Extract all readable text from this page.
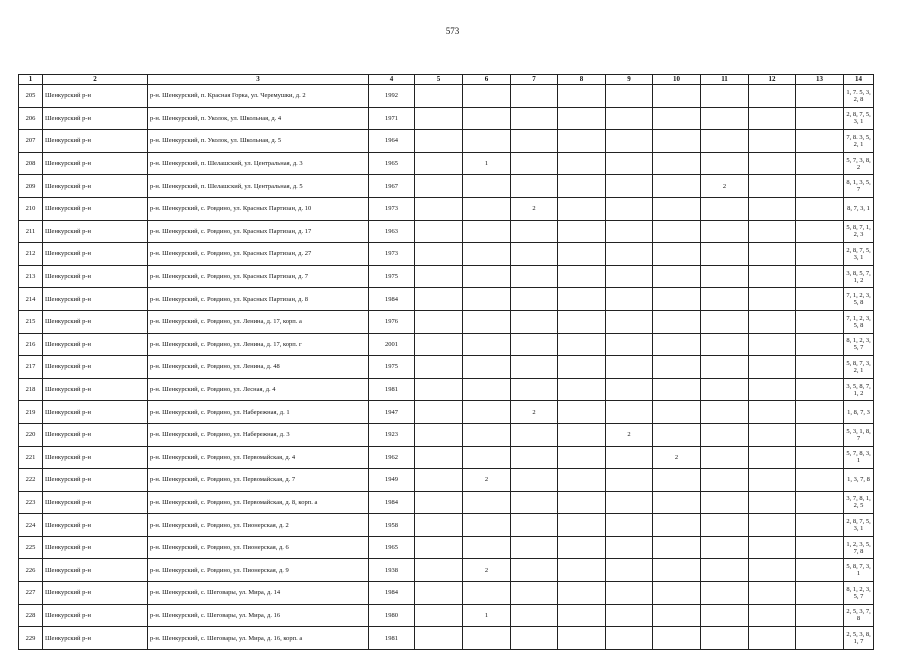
573
1	2	3	4	5	6	7	8	9	10	11	12	13	14
205	Шенкурский р-н	р-н. Шенкурский, п. Красная Горка, ул. Черемушки, д. 2	1992										1, 7. 5, 3, 2, 8
206	Шенкурский р-н	р-н. Шенкурский, п. Уколок, ул. Школьная, д. 4	1971										2, 8, 7, 5, 3, 1
207	Шенкурский р-н	р-н. Шенкурский, п. Уколок, ул. Школьная, д. 5	1964										7, 8. 3, 5, 2, 1
208	Шенкурский р-н	р-н. Шенкурский, п. Шелашский, ул. Центральная, д. 3	1965		1								5, 7, 3, 8, 2
209	Шенкурский р-н	р-н. Шенкурский, п. Шелашский, ул. Центральная, д. 5	1967							2			8, 1, 3, 5, 7
210	Шенкурский р-н	р-н. Шенкурский, с. Ровдино, ул. Красных Партизан, д. 10	1973			2							8, 7, 3, 1
211	Шенкурский р-н	р-н. Шенкурский, с. Ровдино, ул. Красных Партизан, д. 17	1963										5, 8, 7, 1, 2, 3
212	Шенкурский р-н	р-н. Шенкурский, с. Ровдино, ул. Красных Партизан, д. 27	1973										2, 8, 7, 5, 3, 1
213	Шенкурский р-н	р-н. Шенкурский, с. Ровдино, ул. Красных Партизан, д. 7	1975										3, 8, 5, 7, 1, 2
214	Шенкурский р-н	р-н. Шенкурский, с. Ровдино, ул. Красных Партизан, д. 8	1984										7, 1, 2, 3, 5, 8
215	Шенкурский р-н	р-н. Шенкурский, с. Ровдино, ул. Ленина, д. 17, корп. а	1976										7, 1, 2, 3, 5, 8
216	Шенкурский р-н	р-н. Шенкурский, с. Ровдино, ул. Ленина, д. 17, корп. г	2001										8, 1, 2, 3, 5, 7
217	Шенкурский р-н	р-н. Шенкурский, с. Ровдино, ул. Ленина, д. 48	1975										5, 8, 7, 3, 2, 1
218	Шенкурский р-н	р-н. Шенкурский, с. Ровдино, ул. Лесная, д. 4	1981										3, 5, 8, 7, 1, 2
219	Шенкурский р-н	р-н. Шенкурский, с. Ровдино, ул. Набережная, д. 1	1947			2							1, 8, 7, 3
220	Шенкурский р-н	р-н. Шенкурский, с. Ровдино, ул. Набережная, д. 3	1923					2					5, 3, 1, 8, 7
221	Шенкурский р-н	р-н. Шенкурский, с. Ровдино, ул. Первомайская, д. 4	1962						2				5, 7, 8, 3, 1
222	Шенкурский р-н	р-н. Шенкурский, с. Ровдино, ул. Первомайская, д. 7	1949		2								1, 3, 7, 8
223	Шенкурский р-н	р-н. Шенкурский, с. Ровдино, ул. Первомайская, д. 8, корп. а	1984										3, 7, 8, 1, 2, 5
224	Шенкурский р-н	р-н. Шенкурский, с. Ровдино, ул. Пионерская, д. 2	1958										2, 8, 7, 5, 3, 1
225	Шенкурский р-н	р-н. Шенкурский, с. Ровдино, ул. Пионерская, д. 6	1965										1, 2, 3, 5, 7, 8
226	Шенкурский р-н	р-н. Шенкурский, с. Ровдино, ул. Пионерская, д. 9	1938		2								5, 8, 7, 3, 1
227	Шенкурский р-н	р-н. Шенкурский, с. Шеговары, ул. Мира, д. 14	1984										8, 1, 2, 3, 5, 7
228	Шенкурский р-н	р-н. Шенкурский, с. Шеговары, ул. Мира, д. 16	1980		1								2, 5, 3, 7, 8
229	Шенкурский р-н	р-н. Шенкурский, с. Шеговары, ул. Мира, д. 16, корп. а	1981										2, 5, 3, 8, 1, 7
